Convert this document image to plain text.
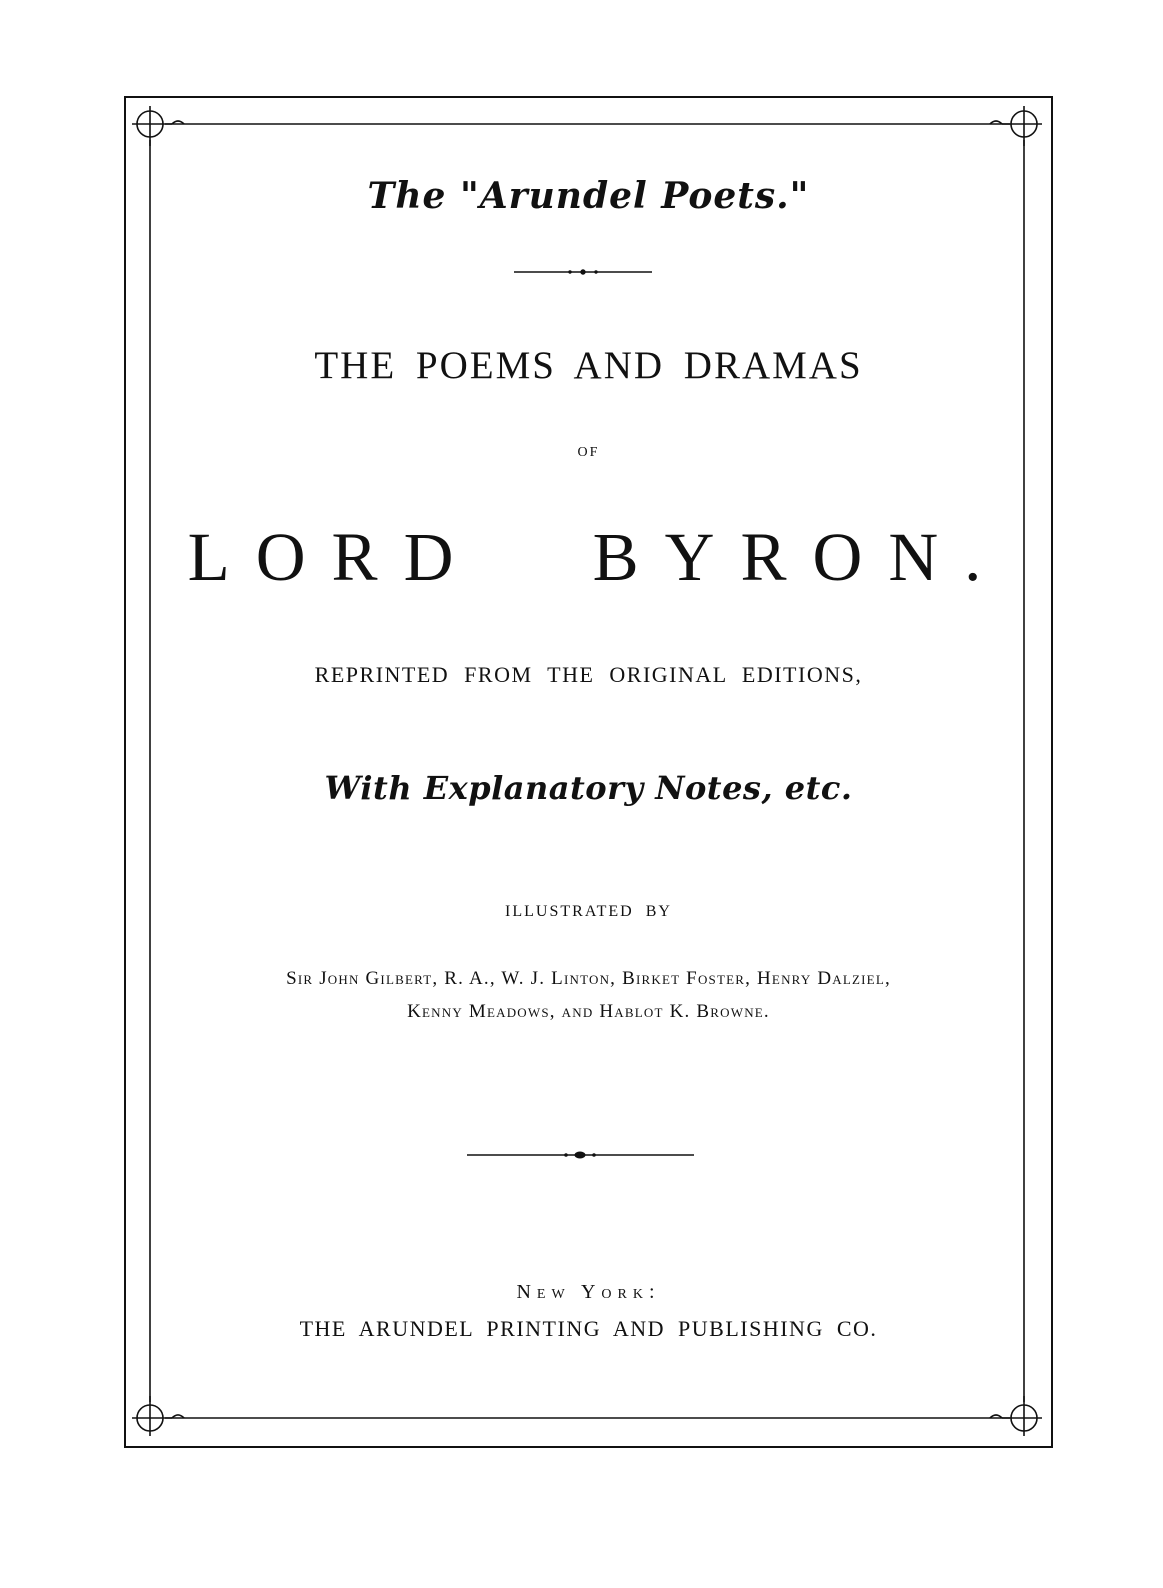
The "Arundel Poets."
THE POEMS AND DRAMAS
OF
LORD BYRON.
REPRINTED FROM THE ORIGINAL EDITIONS,
With Explanatory Notes, etc.
ILLUSTRATED BY
Sir John Gilbert, R. A., W. J. Linton, Birket Foster, Henry Dalziel,
Kenny Meadows, and Hablot K. Browne.
New York:
THE ARUNDEL PRINTING AND PUBLISHING CO.
